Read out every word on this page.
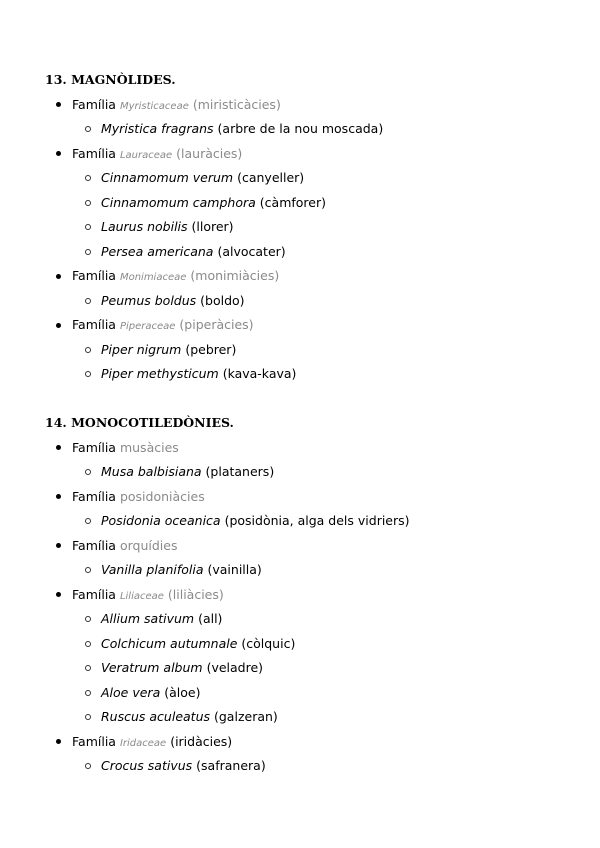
13. MAGNÒLIDES.
Família Myristicaceae (miristicàcies)
Myristica fragrans (arbre de la nou moscada)
Família Lauraceae (lauràcies)
Cinnamomum verum (canyeller)
Cinnamomum camphora (càmforer)
Laurus nobilis (llorer)
Persea americana (alvocater)
Família Monimiaceae (monimiàcies)
Peumus boldus (boldo)
Família Piperaceae (piperàcies)
Piper nigrum (pebrer)
Piper methysticum (kava-kava)
14. MONOCOTILEDÒNIES.
Família musàcies
Musa balbisiana (plataners)
Família posidoniàcies
Posidonia oceanica (posidònia, alga dels vidriers)
Família orquídies
Vanilla planifolia (vainilla)
Família Liliaceae (liliàcies)
Allium sativum (all)
Colchicum autumnale (còlquic)
Veratrum album (veladre)
Aloe vera (àloe)
Ruscus aculeatus (galzeran)
Família Iridaceae (iridàcies)
Crocus sativus (safranera)
